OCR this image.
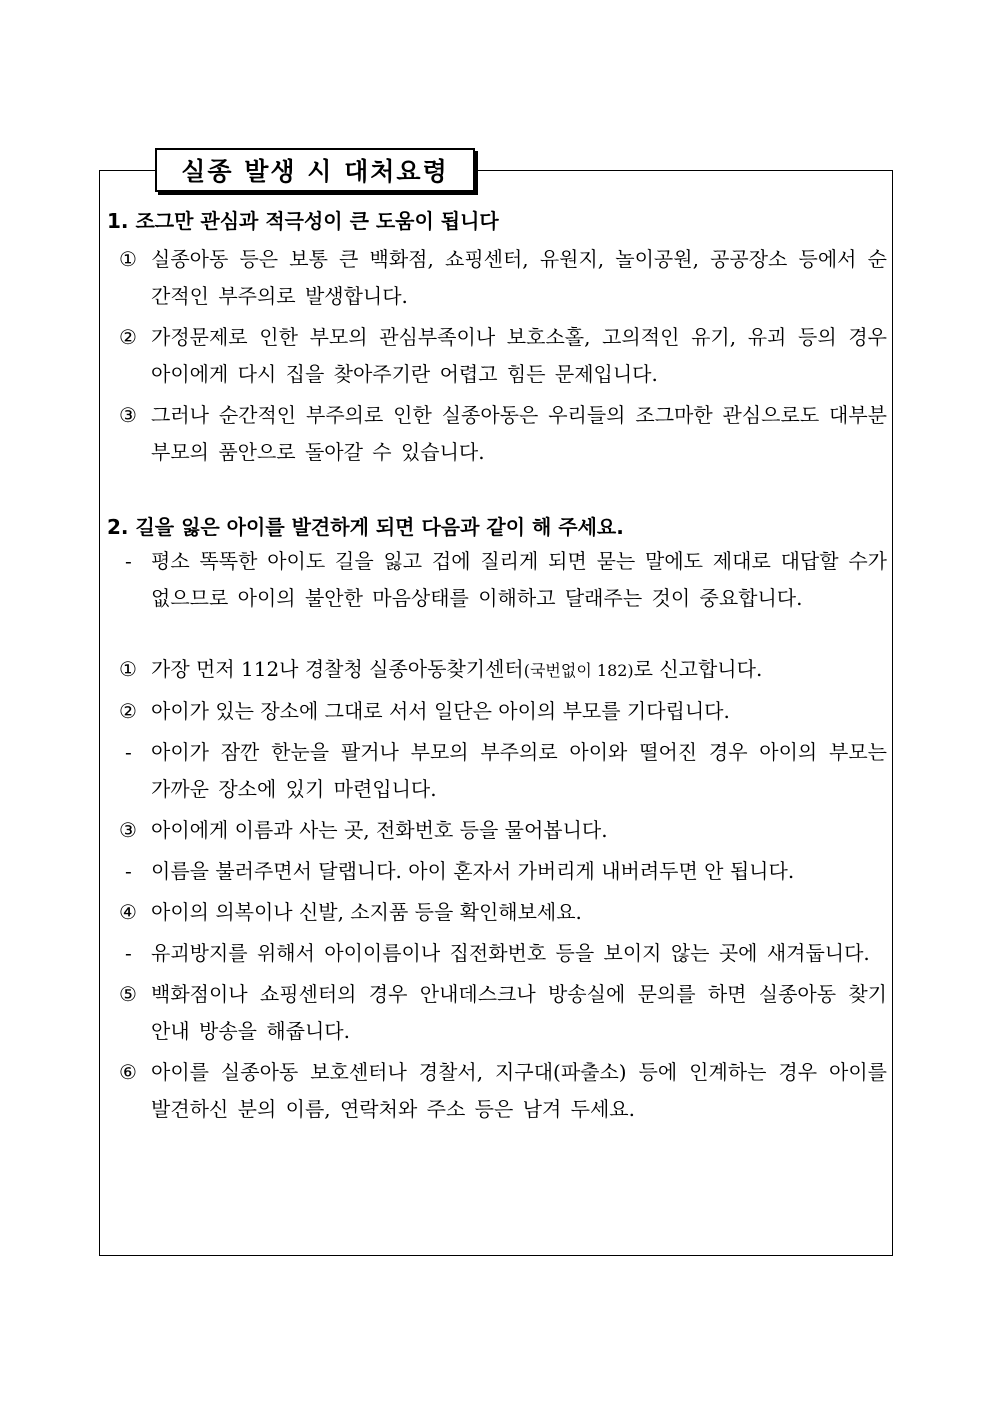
실종 발생 시 대처요령
1. 조그만 관심과 적극성이 큰 도움이 됩니다
① 실종아동 등은 보통 큰 백화점, 쇼핑센터, 유원지, 놀이공원, 공공장소 등에서 순간적인 부주의로 발생합니다.
② 가정문제로 인한 부모의 관심부족이나 보호소홀, 고의적인 유기, 유괴 등의 경우 아이에게 다시 집을 찾아주기란 어렵고 힘든 문제입니다.
③ 그러나 순간적인 부주의로 인한 실종아동은 우리들의 조그마한 관심으로도 대부분 부모의 품안으로 돌아갈 수 있습니다.
2. 길을 잃은 아이를 발견하게 되면 다음과 같이 해 주세요.
- 평소 똑똑한 아이도 길을 잃고 겁에 질리게 되면 묻는 말에도 제대로 대답할 수가 없으므로 아이의 불안한 마음상태를 이해하고 달래주는 것이 중요합니다.
① 가장 먼저 112나 경찰청 실종아동찾기센터(국번없이 182)로 신고합니다.
② 아이가 있는 장소에 그대로 서서 일단은 아이의 부모를 기다립니다.
- 아이가 잠깐 한눈을 팔거나 부모의 부주의로 아이와 떨어진 경우 아이의 부모는 가까운 장소에 있기 마련입니다.
③ 아이에게 이름과 사는 곳, 전화번호 등을 물어봅니다.
- 이름을 불러주면서 달랩니다. 아이 혼자서 가버리게 내버려두면 안 됩니다.
④ 아이의 의복이나 신발, 소지품 등을 확인해보세요.
- 유괴방지를 위해서 아이이름이나 집전화번호 등을 보이지 않는 곳에 새겨둡니다.
⑤ 백화점이나 쇼핑센터의 경우 안내데스크나 방송실에 문의를 하면 실종아동 찾기 안내 방송을 해줍니다.
⑥ 아이를 실종아동 보호센터나 경찰서, 지구대(파출소) 등에 인계하는 경우 아이를 발견하신 분의 이름, 연락처와 주소 등은 남겨 두세요.
